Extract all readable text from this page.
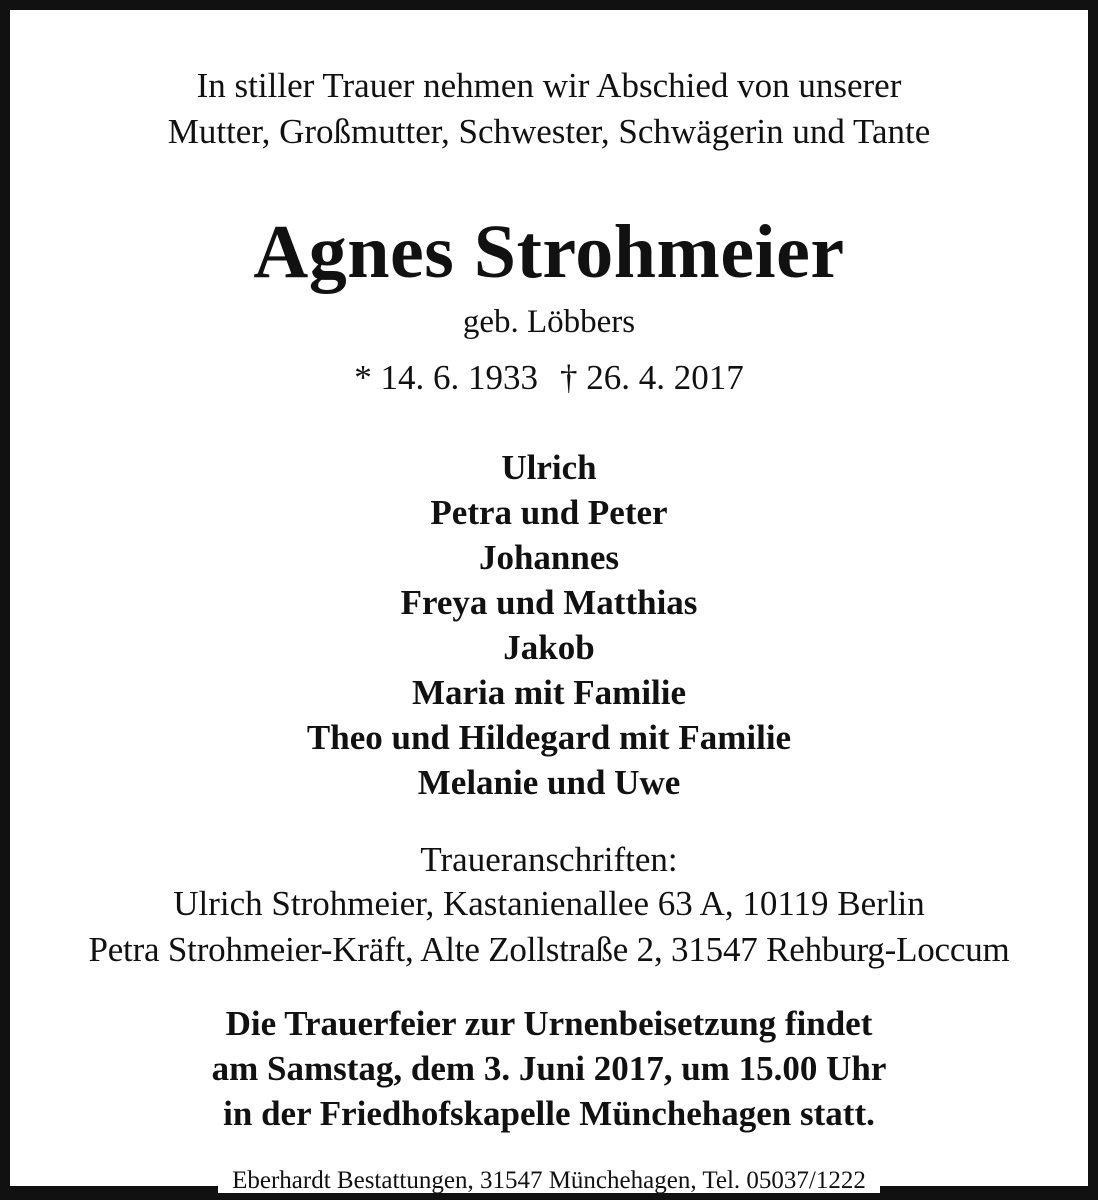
In stiller Trauer nehmen wir Abschied von unserer
Mutter, Großmutter, Schwester, Schwägerin und Tante
Agnes Strohmeier
geb. Löbbers
* 14. 6. 1933 † 26. 4. 2017
Ulrich
Petra und Peter
Johannes
Freya und Matthias
Jakob
Maria mit Familie
Theo und Hildegard mit Familie
Melanie und Uwe
Traueranschriften:
Ulrich Strohmeier, Kastanienallee 63 A, 10119 Berlin
Petra Strohmeier-Kräft, Alte Zollstraße 2, 31547 Rehburg-Loccum
Die Trauerfeier zur Urnenbeisetzung findet
am Samstag, dem 3. Juni 2017, um 15.00 Uhr
in der Friedhofskapelle Münchehagen statt.
Eberhardt Bestattungen, 31547 Münchehagen, Tel. 05037/1222
